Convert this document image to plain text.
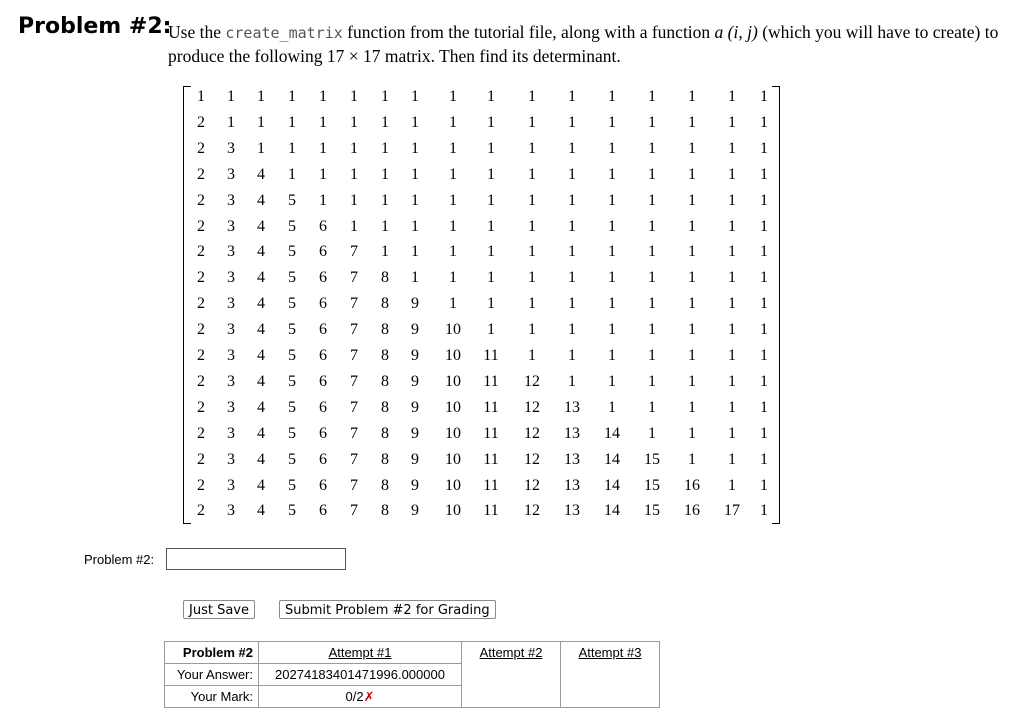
Problem #2:
Use the create_matrix function from the tutorial file, along with a function a (i, j) (which you will have to create) to produce the following 17 × 17 matrix. Then find its determinant.
1	1	1	1	1	1	1	1	1	1	1	1	1	1	1	1	1
2	1	1	1	1	1	1	1	1	1	1	1	1	1	1	1	1
2	3	1	1	1	1	1	1	1	1	1	1	1	1	1	1	1
2	3	4	1	1	1	1	1	1	1	1	1	1	1	1	1	1
2	3	4	5	1	1	1	1	1	1	1	1	1	1	1	1	1
2	3	4	5	6	1	1	1	1	1	1	1	1	1	1	1	1
2	3	4	5	6	7	1	1	1	1	1	1	1	1	1	1	1
2	3	4	5	6	7	8	1	1	1	1	1	1	1	1	1	1
2	3	4	5	6	7	8	9	1	1	1	1	1	1	1	1	1
2	3	4	5	6	7	8	9	10	1	1	1	1	1	1	1	1
2	3	4	5	6	7	8	9	10	11	1	1	1	1	1	1	1
2	3	4	5	6	7	8	9	10	11	12	1	1	1	1	1	1
2	3	4	5	6	7	8	9	10	11	12	13	1	1	1	1	1
2	3	4	5	6	7	8	9	10	11	12	13	14	1	1	1	1
2	3	4	5	6	7	8	9	10	11	12	13	14	15	1	1	1
2	3	4	5	6	7	8	9	10	11	12	13	14	15	16	1	1
2	3	4	5	6	7	8	9	10	11	12	13	14	15	16	17	1
Problem #2:
Just Save	Submit Problem #2 for Grading
Problem #2	Attempt #1	Attempt #2	Attempt #3
Your Answer:	20274183401471996.000000		
Your Mark:	0/2✗		
